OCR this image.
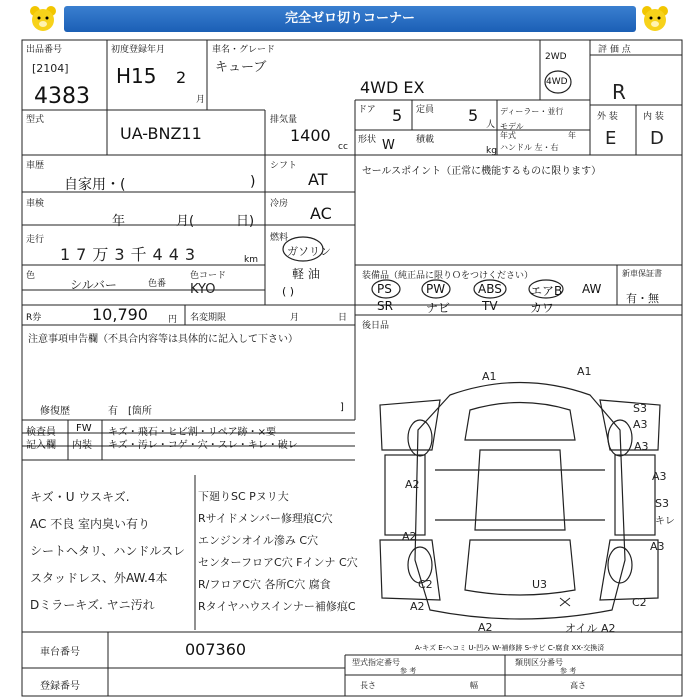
完全ゼロ切りコーナー
出品番号
[2104]
4383
初度登録年月
H15 2
月
車名・グレード
キューブ
4WD EX
2WD
4WD
評 価 点
R
外 装	内 装
E D
型式
UA-BNZ11
排気量
1400
cc
ドア 5 定員 5 人
形状 W 積載
kg
ディーラー・並行
モデル年式	年
ハンドル 左・右
車歴
自家用・(	)
シフト
AT
車検
年	月(	日)
冷房 AC
走行
17万3千443	km
燃料
ガソリン
軽 油
( )
色
シルバー	色番
色コード
KYO
R券	10,790 円 名変期限	月	日
セールスポイント（正常に機能するものに限ります）
装備品（純正品に限りＯをつけください）
PS	PW	ABS エアB AW
SR	ナビ	TV	カワ
新車保証書
有・無
後日品
注意事項申告欄（不具合内容等は具体的に記入して下さい）
修復歴	有 [箇所	]
検査員
記入欄
FW
内装
キズ・飛石・ヒビ割・リペア跡・×要
キズ・汚レ・コゲ・穴・スレ・キレ・破レ
キズ・U ウスキズ.
AC 不良 室内臭い有り
シートヘタリ、ハンドルスレ
スタッドレス、外AW.4本
Dミラーキズ. ヤニ汚れ
下廻りSC Pヌリ大
Rサイドメンバー修理痕C穴
エンジンオイル滲み C穴
センターフロアC穴 Fインナ C穴
R/フロアC穴 各所C穴 腐食
Rタイヤハウスインナー補修痕C
A1	A1
S3
A3
A3
A2
A3
A2
S3
キレ
A3
C2	U3
C2
A2
A2	オイル A2
A-キズ E-ヘコミ U-凹み W-補修跡 S-サビ C-腐食 XX-交換済
車台番号	007360
登録番号
型式指定番号
参 考
類別区分番号
参 考
長さ	幅	高さ
